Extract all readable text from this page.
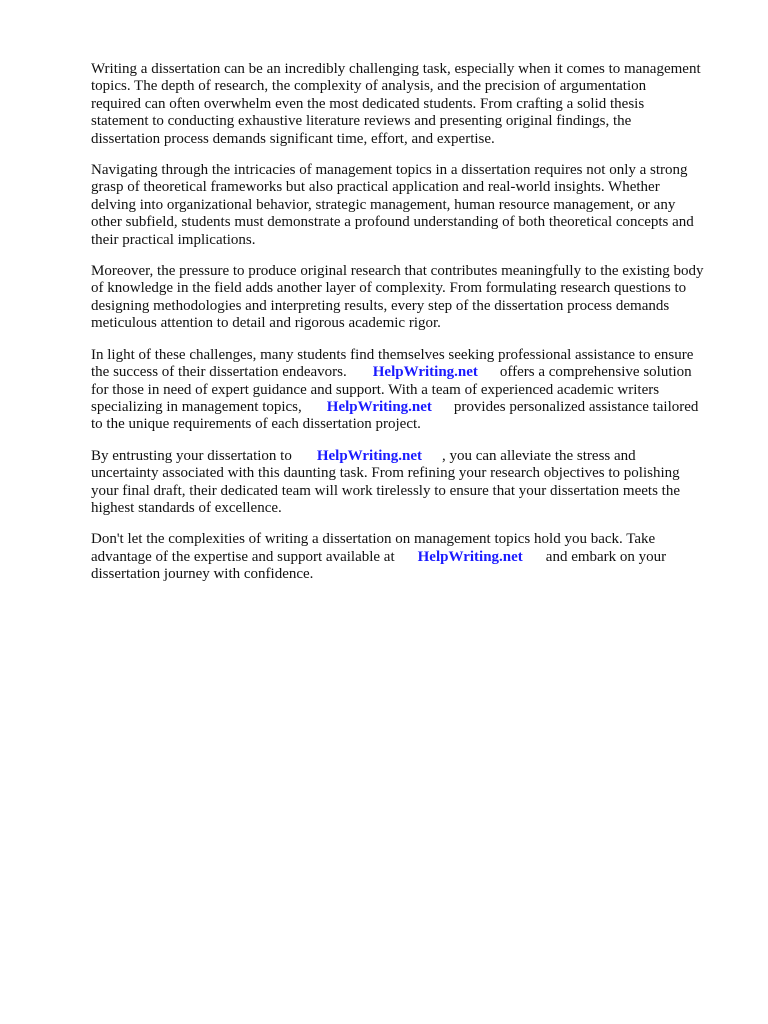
Writing a dissertation can be an incredibly challenging task, especially when it comes to management
topics. The depth of research, the complexity of analysis, and the precision of argumentation
required can often overwhelm even the most dedicated students. From crafting a solid thesis
statement to conducting exhaustive literature reviews and presenting original findings, the
dissertation process demands significant time, effort, and expertise.

Navigating through the intricacies of management topics in a dissertation requires not only a strong
grasp of theoretical frameworks but also practical application and real-world insights. Whether
delving into organizational behavior, strategic management, human resource management, or any
other subfield, students must demonstrate a profound understanding of both theoretical concepts and
their practical implications.

Moreover, the pressure to produce original research that contributes meaningfully to the existing body
of knowledge in the field adds another layer of complexity. From formulating research questions to
designing methodologies and interpreting results, every step of the dissertation process demands
meticulous attention to detail and rigorous academic rigor.

In light of these challenges, many students find themselves seeking professional assistance to ensure
the success of their dissertation endeavors. HelpWriting.net offers a comprehensive solution
for those in need of expert guidance and support. With a team of experienced academic writers
specializing in management topics, HelpWriting.net provides personalized assistance tailored
to the unique requirements of each dissertation project.

By entrusting your dissertation to HelpWriting.net , you can alleviate the stress and
uncertainty associated with this daunting task. From refining your research objectives to polishing
your final draft, their dedicated team will work tirelessly to ensure that your dissertation meets the
highest standards of excellence.

Don't let the complexities of writing a dissertation on management topics hold you back. Take
advantage of the expertise and support available at HelpWriting.net and embark on your
dissertation journey with confidence.
